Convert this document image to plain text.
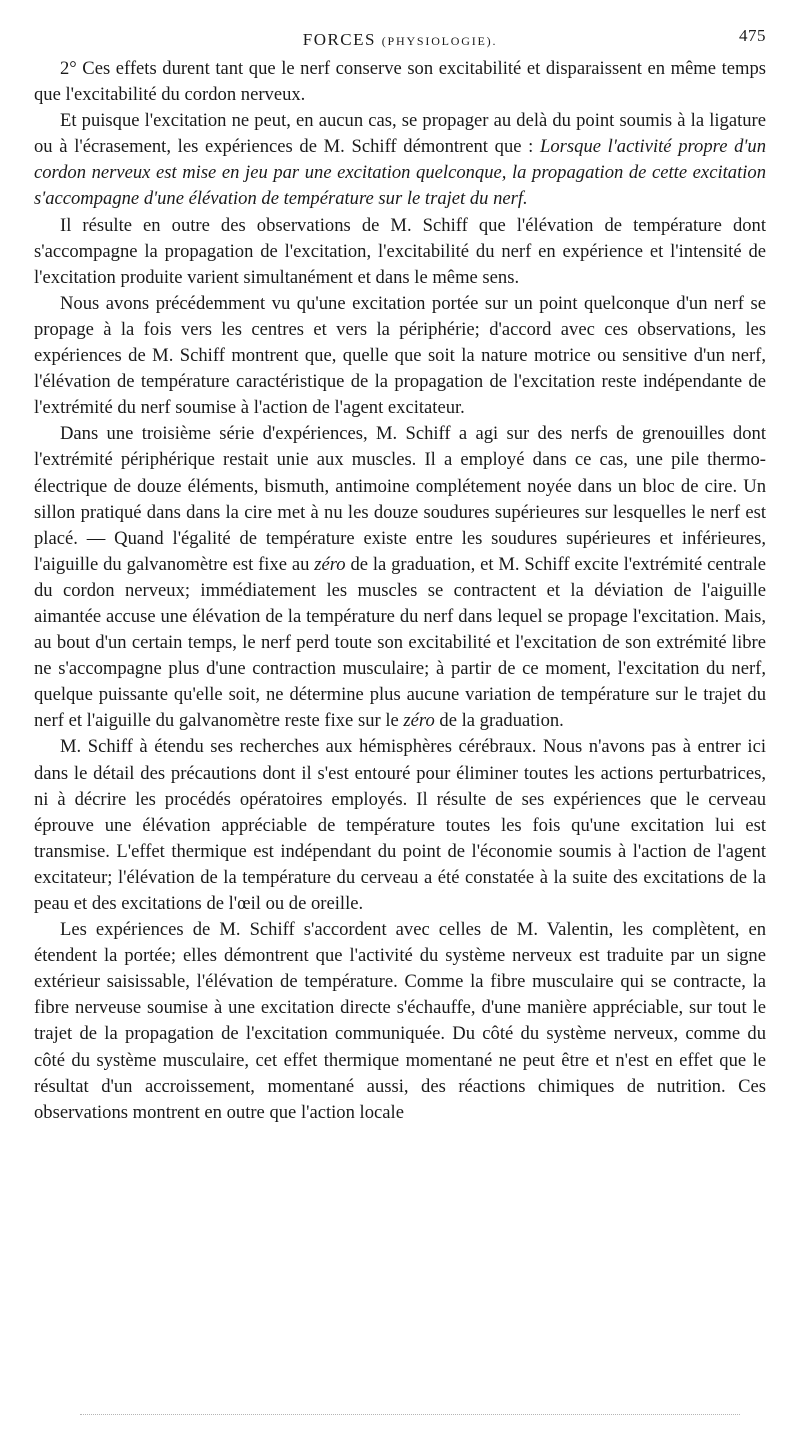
FORCES (PHYSIOLOGIE).	475

2° Ces effets durent tant que le nerf conserve son excitabilité et disparaissent en même temps que l'excitabilité du cordon nerveux.

Et puisque l'excitation ne peut, en aucun cas, se propager au delà du point soumis à la ligature ou à l'écrasement, les expériences de M. Schiff démontrent que : Lorsque l'activité propre d'un cordon nerveux est mise en jeu par une excitation quelconque, la propagation de cette excitation s'accompagne d'une élévation de température sur le trajet du nerf.

Il résulte en outre des observations de M. Schiff que l'élévation de température dont s'accompagne la propagation de l'excitation, l'excitabilité du nerf en expérience et l'intensité de l'excitation produite varient simultanément et dans le même sens.

Nous avons précédemment vu qu'une excitation portée sur un point quelconque d'un nerf se propage à la fois vers les centres et vers la périphérie; d'accord avec ces observations, les expériences de M. Schiff montrent que, quelle que soit la nature motrice ou sensitive d'un nerf, l'élévation de température caractéristique de la propagation de l'excitation reste indépendante de l'extrémité du nerf soumise à l'action de l'agent excitateur.

Dans une troisième série d'expériences, M. Schiff a agi sur des nerfs de grenouilles dont l'extrémité périphérique restait unie aux muscles. Il a employé dans ce cas, une pile thermo-électrique de douze éléments, bismuth, antimoine complétement noyée dans un bloc de cire. Un sillon pratiqué dans dans la cire met à nu les douze soudures supérieures sur lesquelles le nerf est placé. — Quand l'égalité de température existe entre les soudures supérieures et inférieures, l'aiguille du galvanomètre est fixe au zéro de la graduation, et M. Schiff excite l'extrémité centrale du cordon nerveux; immédiatement les muscles se contractent et la déviation de l'aiguille aimantée accuse une élévation de la température du nerf dans lequel se propage l'excitation. Mais, au bout d'un certain temps, le nerf perd toute son excitabilité et l'excitation de son extrémité libre ne s'accompagne plus d'une contraction musculaire; à partir de ce moment, l'excitation du nerf, quelque puissante qu'elle soit, ne détermine plus aucune variation de température sur le trajet du nerf et l'aiguille du galvanomètre reste fixe sur le zéro de la graduation.

M. Schiff à étendu ses recherches aux hémisphères cérébraux. Nous n'avons pas à entrer ici dans le détail des précautions dont il s'est entouré pour éliminer toutes les actions perturbatrices, ni à décrire les procédés opératoires employés. Il résulte de ses expériences que le cerveau éprouve une élévation appréciable de température toutes les fois qu'une excitation lui est transmise. L'effet thermique est indépendant du point de l'économie soumis à l'action de l'agent excitateur; l'élévation de la température du cerveau a été constatée à la suite des excitations de la peau et des excitations de l'œil ou de oreille.

Les expériences de M. Schiff s'accordent avec celles de M. Valentin, les complètent, en étendent la portée; elles démontrent que l'activité du système nerveux est traduite par un signe extérieur saisissable, l'élévation de température. Comme la fibre musculaire qui se contracte, la fibre nerveuse soumise à une excitation directe s'échauffe, d'une manière appréciable, sur tout le trajet de la propagation de l'excitation communiquée. Du côté du système nerveux, comme du côté du système musculaire, cet effet thermique momentané ne peut être et n'est en effet que le résultat d'un accroissement, momentané aussi, des réactions chimiques de nutrition. Ces observations montrent en outre que l'action locale
